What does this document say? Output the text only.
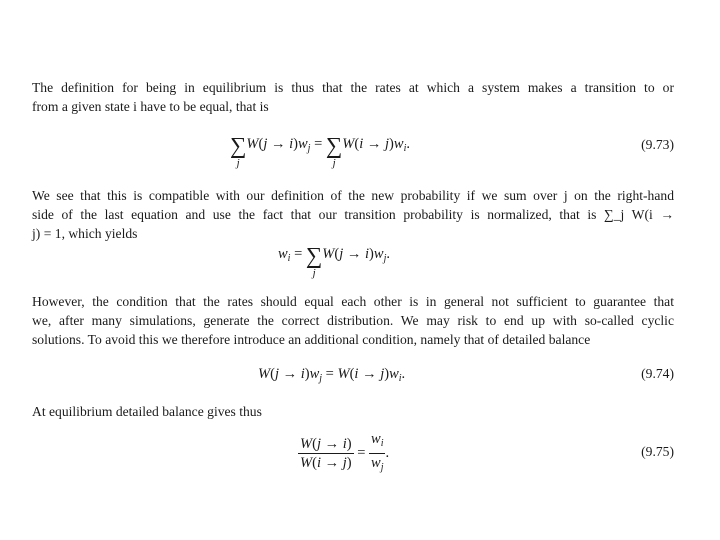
The definition for being in equilibrium is thus that the rates at which a system makes a transition to or
from a given state i have to be equal, that is
∑
j
$W(j \to i)w_j$ = ∑
j
$W(i \to j)w_i$.	(9.73)
We see that this is compatible with our definition of the new probability if we sum over j on the right-hand
side of the last equation and use the fact that our transition probability is normalized, that is ∑_j W(i →
j) = 1, which yields
$w_i$ = ∑
j
$W(j \to i)w_j$.
However, the condition that the rates should equal each other is in general not sufficient to guarantee that
we, after many simulations, generate the correct distribution. We may risk to end up with so-called cyclic
solutions. To avoid this we therefore introduce an additional condition, namely that of detailed balance
$W(j \to i)w_j = W(i \to j)w_i$.	(9.74)
At equilibrium detailed balance gives thus
$\frac{W(j \to i)}{W(i \to j)} = \frac{w_i}{w_j}$ .	(9.75)
